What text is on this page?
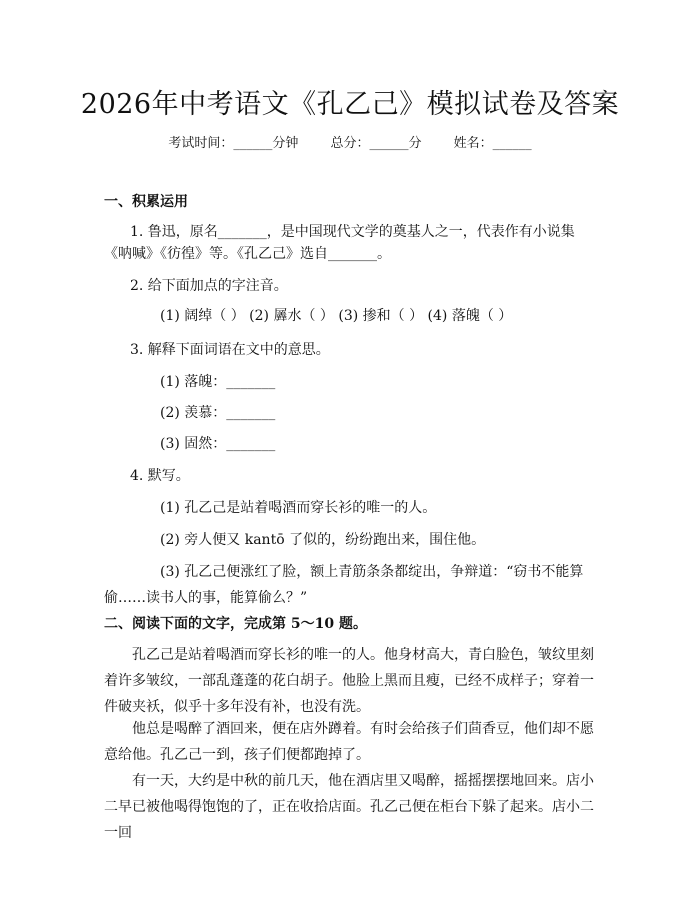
2026年中考语文《孔乙己》模拟试卷及答案
考试时间：______分钟 总分：______分 姓名：______
一、积累运用
1. 鲁迅，原名_______，是中国现代文学的奠基人之一，代表作有小说集
《呐喊》《彷徨》等。《孔乙己》选自_______。
2. 给下面加点的字注音。
(1) 阔绰（ ） (2) 羼水（ ） (3) 掺和（ ） (4) 落魄（ ）
3. 解释下面词语在文中的意思。
(1) 落魄：_______
(2) 羡慕：_______
(3) 固然：_______
4. 默写。
(1) 孔乙己是站着喝酒而穿长衫的唯一的人。
(2) 旁人便又 kantō 了似的，纷纷跑出来，围住他。
(3) 孔乙己便涨红了脸，额上青筋条条都绽出，争辩道：“窃书不能算偷……读书人的事，能算偷么？”
二、阅读下面的文字，完成第 5～10 题。
孔乙己是站着喝酒而穿长衫的唯一的人。他身材高大，青白脸色，皱纹里刻着许多皱纹，一部乱蓬蓬的花白胡子。他脸上黑而且瘦，已经不成样子；穿着一件破夹袄，似乎十多年没有补，也没有洗。
他总是喝醉了酒回来，便在店外蹲着。有时会给孩子们茴香豆，他们却不愿意给他。孔乙己一到，孩子们便都跑掉了。
有一天，大约是中秋的前几天，他在酒店里又喝醉，摇摇摆摆地回来。店小二早已被他喝得饱饱的了，正在收拾店面。孔乙己便在柜台下躲了起来。店小二一回
